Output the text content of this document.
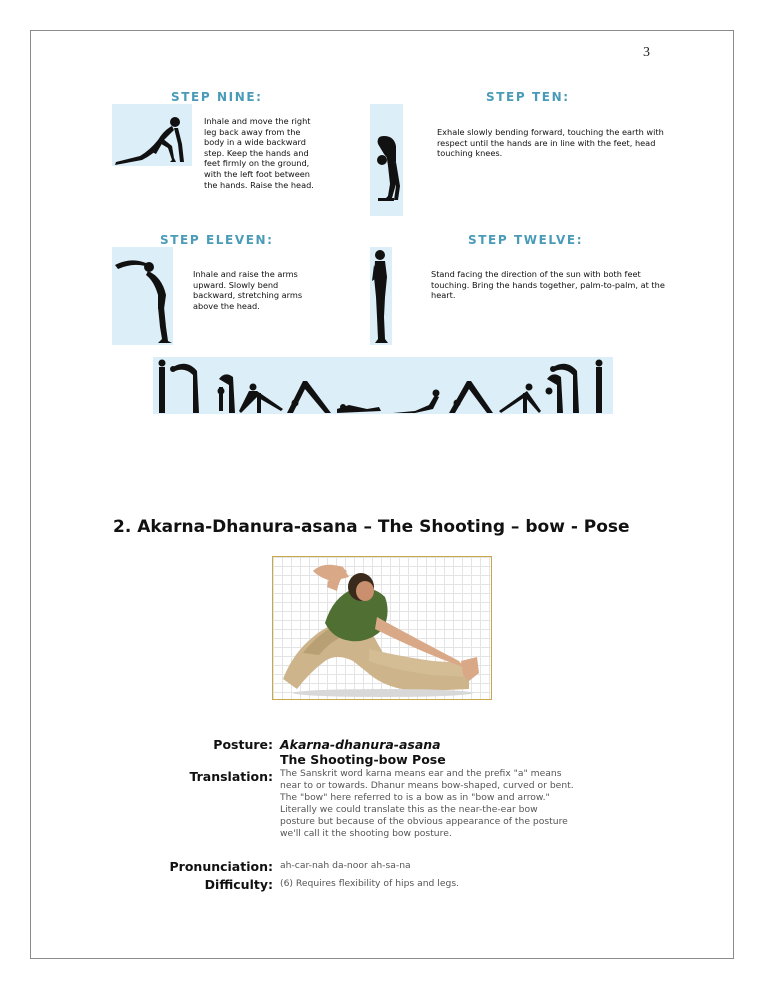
3
STEP NINE:
Inhale and move the right
leg back away from the
body in a wide backward
step. Keep the hands and
feet firmly on the ground,
with the left foot between
the hands. Raise the head.
STEP TEN:
Exhale slowly bending forward, touching the earth with
respect until the hands are in line with the feet, head
touching knees.
STEP ELEVEN:
Inhale and raise the arms
upward. Slowly bend
backward, stretching arms
above the head.
STEP TWELVE:
Stand facing the direction of the sun with both feet
touching. Bring the hands together, palm-to-palm, at the
heart.
2. Akarna-Dhanura-asana – The Shooting – bow - Pose
Posture: Akarna-dhanura-asana
The Shooting-bow Pose
Translation: The Sanskrit word karna means ear and the prefix "a" means
near to or towards. Dhanur means bow-shaped, curved or bent.
The "bow" here referred to is a bow as in "bow and arrow."
Literally we could translate this as the near-the-ear bow
posture but because of the obvious appearance of the posture
we'll call it the shooting bow posture.
Pronunciation: ah-car-nah da-noor ah-sa-na
Difficulty: (6) Requires flexibility of hips and legs.
